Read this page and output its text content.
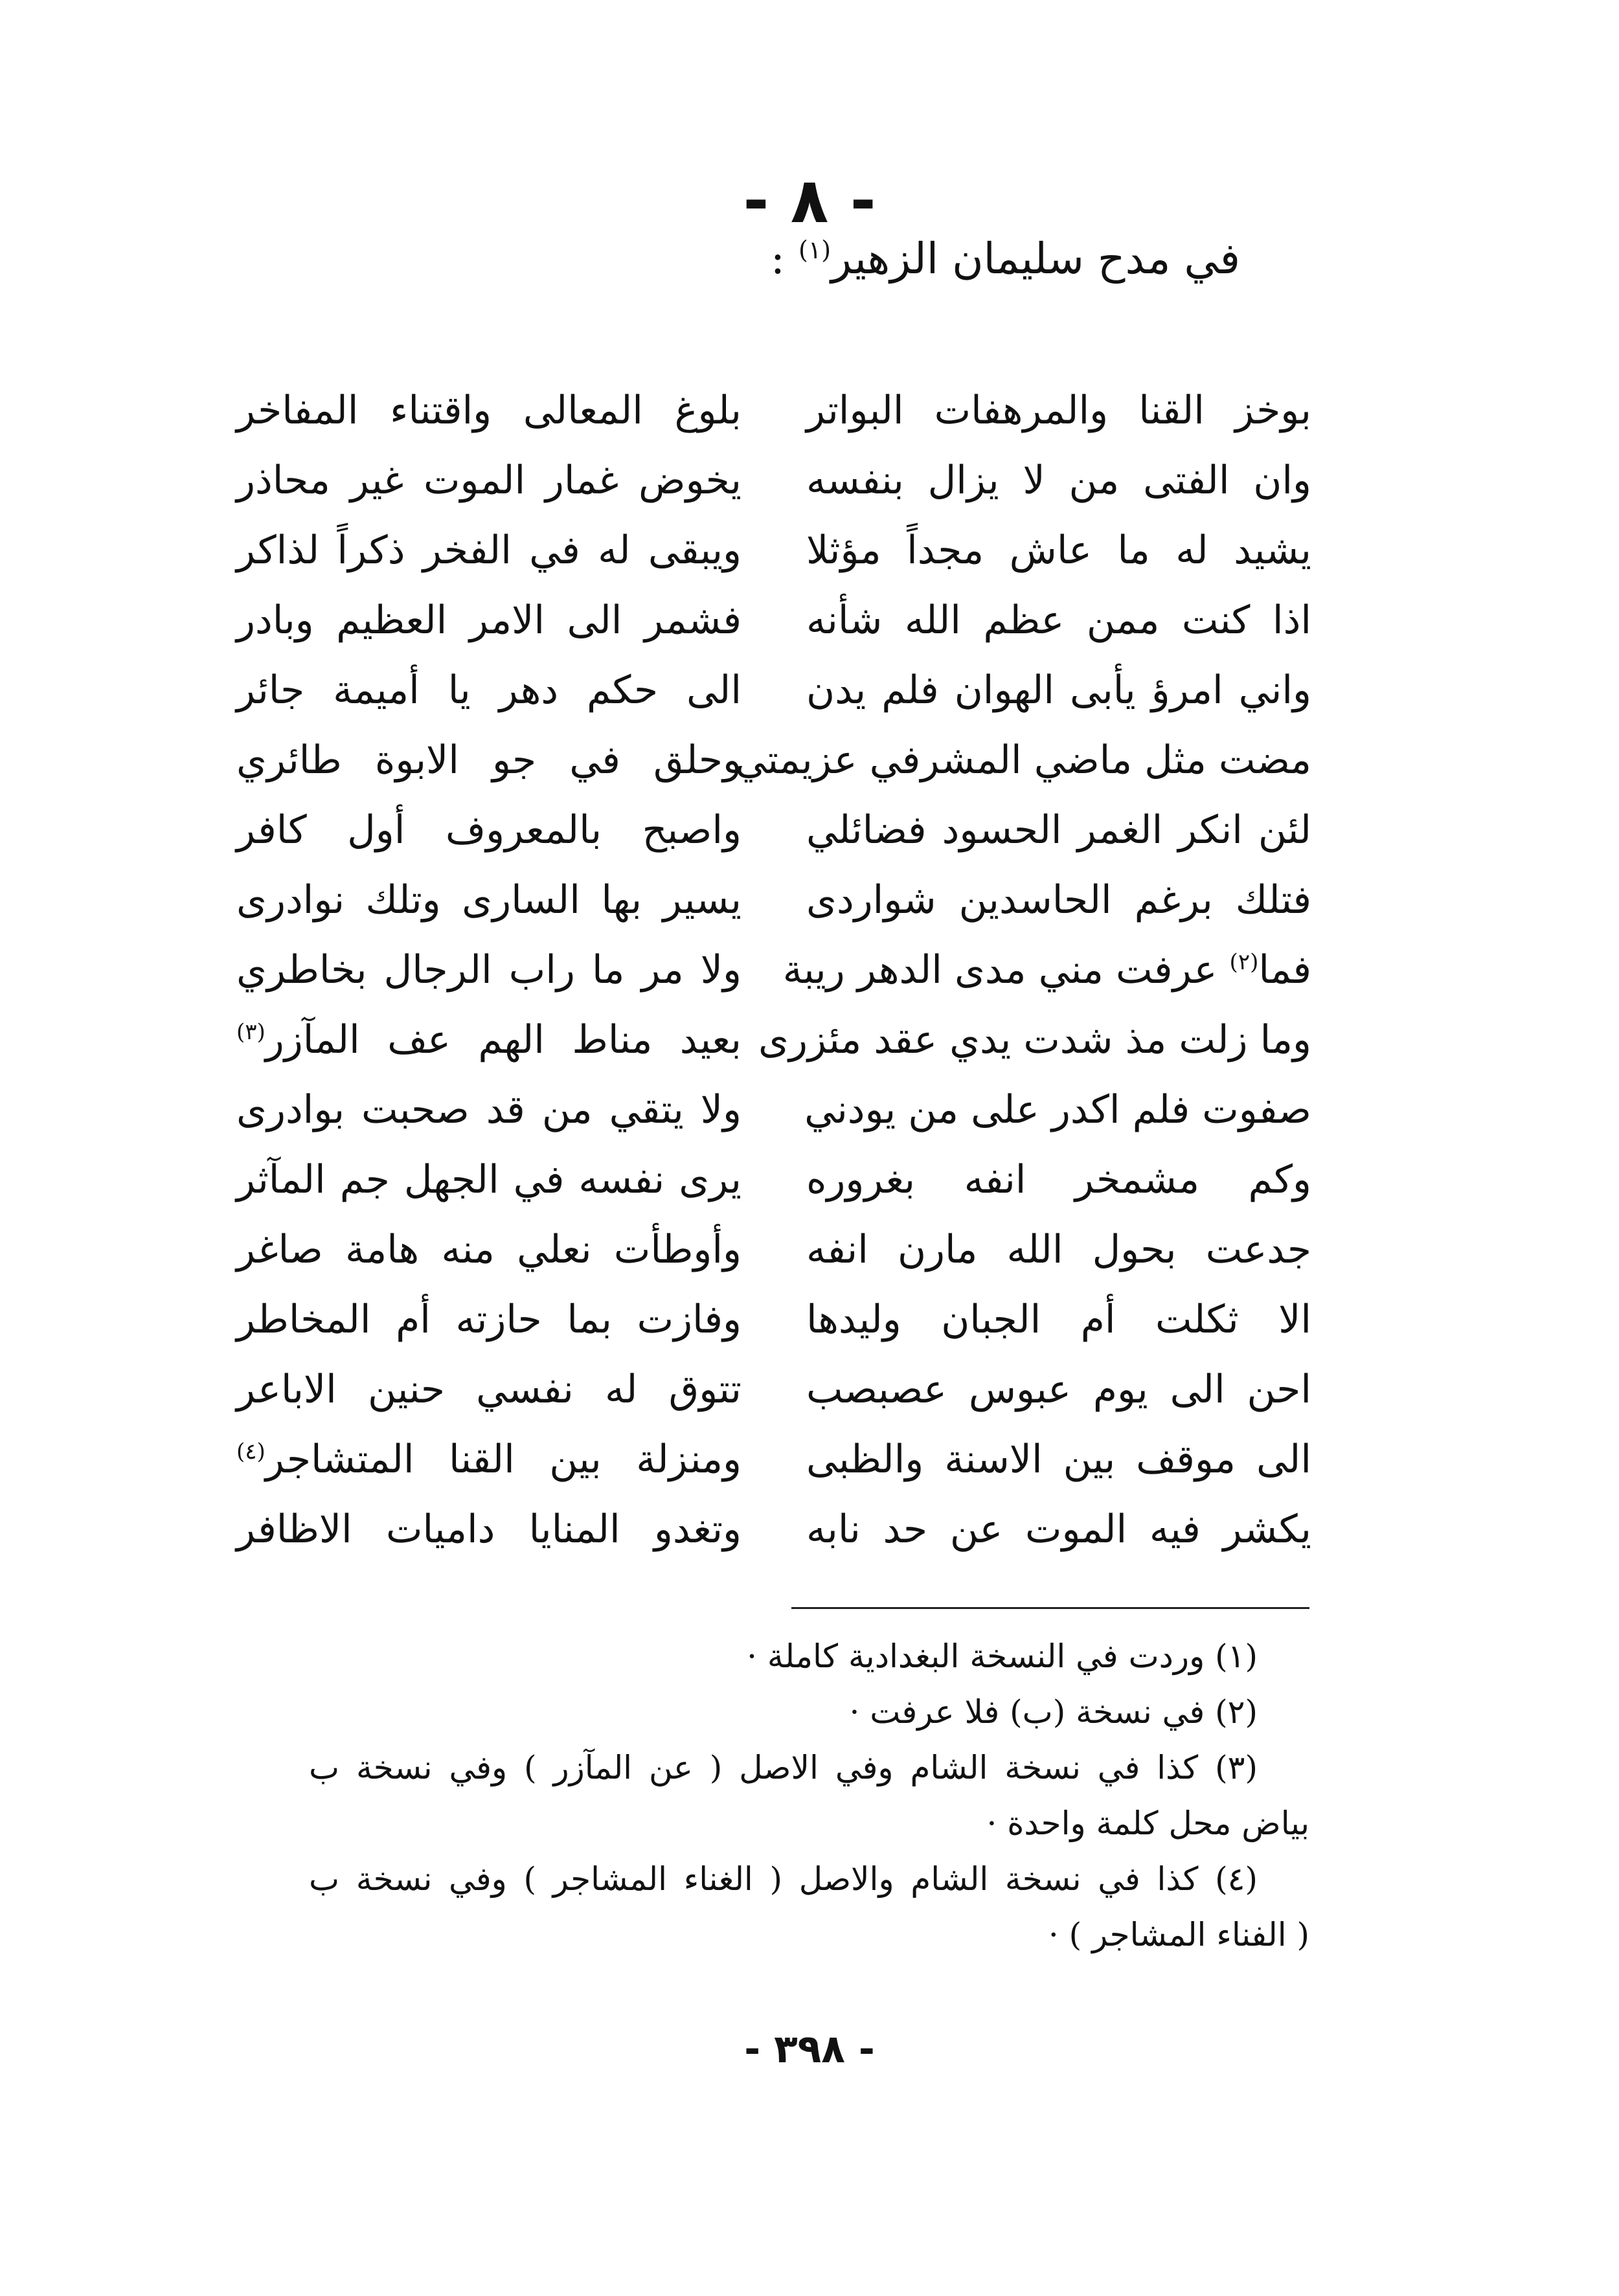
- ٨ -
في مدح سليمان الزهير$^{(١)}$ :
بوخز القنا والمرهفات البواتر
وان الفتى من لا يزال بنفسه
يشيد له ما عاش مجداً مؤثلا
اذا كنت ممن عظم الله شأنه
واني امرؤ يأبى الهوان فلم يدن
مضت مثل ماضي المشرفي عزيمتي
لئن انكر الغمر الحسود فضائلي
فتلك برغم الحاسدين شواردى
فما$^{(٢)}$ عرفت مني مدى الدهر ريبة
وما زلت مذ شدت يدي عقد مئزرى
صفوت فلم اكدر على من يودني
وكم مشمخر انفه بغروره
جدعت بحول الله مارن انفه
الا ثكلت أم الجبان وليدها
احن الى يوم عبوس عصبصب
الى موقف بين الاسنة والظبى
يكشر فيه الموت عن حد نابه
بلوغ المعالى واقتناء المفاخر
يخوض غمار الموت غير محاذر
ويبقى له في الفخر ذكراً لذاكر
فشمر الى الامر العظيم وبادر
الى حكم دهر يا أميمة جائر
وحلق في جو الابوة طائري
واصبح بالمعروف أول كافر
يسير بها السارى وتلك نوادرى
ولا مر ما راب الرجال بخاطري
بعيد مناط الهم عف المآزر$^{(٣)}$
ولا يتقي من قد صحبت بوادرى
يرى نفسه في الجهل جم المآثر
وأوطأت نعلي منه هامة صاغر
وفازت بما حازته أم المخاطر
تتوق له نفسي حنين الاباعر
ومنزلة بين القنا المتشاجر$^{(٤)}$
وتغدو المنايا داميات الاظافر
(١) وردت في النسخة البغدادية كاملة ·
(٢) في نسخة (ب) فلا عرفت ·
(٣) كذا في نسخة الشام وفي الاصل ( عن المآزر ) وفي نسخة ب
بياض محل كلمة واحدة ·
(٤) كذا في نسخة الشام والاصل ( الغناء المشاجر ) وفي نسخة ب
( الفناء المشاجر ) ·
- ٣٩٨ -
